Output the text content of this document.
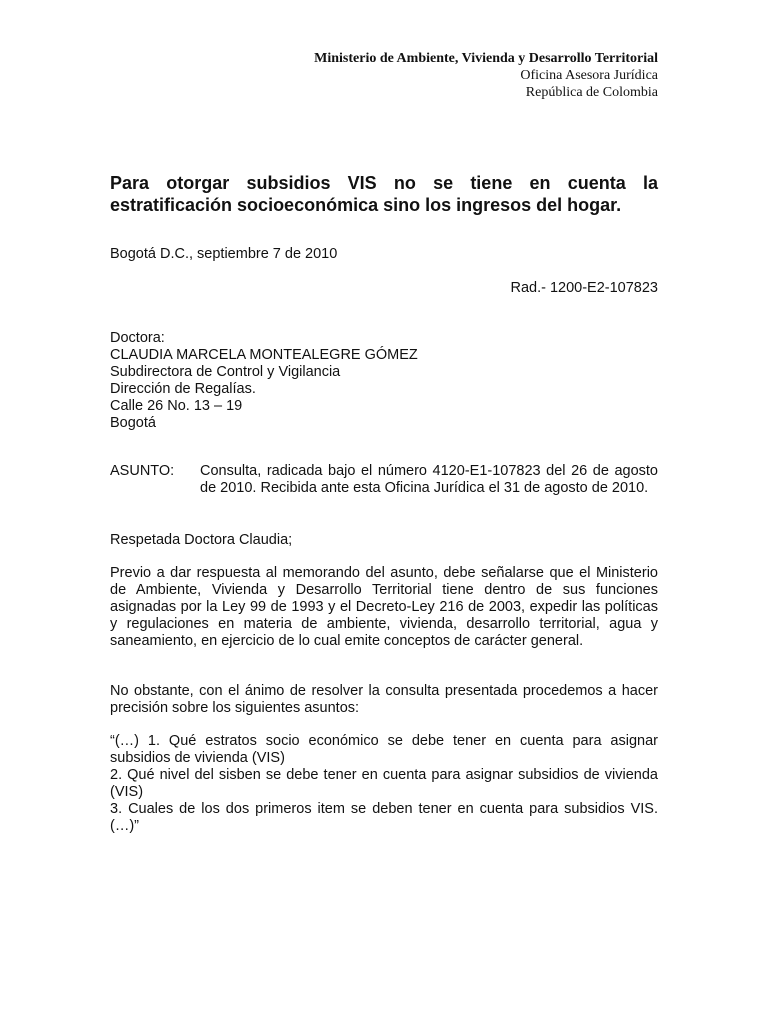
Ministerio de Ambiente, Vivienda y Desarrollo Territorial
Oficina Asesora Jurídica
República de Colombia
Para otorgar subsidios VIS no se tiene en cuenta la estratificación socioeconómica sino los ingresos del hogar.
Bogotá D.C., septiembre 7 de 2010
Rad.- 1200-E2-107823
Doctora:
CLAUDIA MARCELA MONTEALEGRE GÓMEZ
Subdirectora de Control y Vigilancia
Dirección de Regalías.
Calle 26 No. 13 – 19
Bogotá
ASUNTO:	Consulta, radicada bajo el número 4120-E1-107823 del 26 de agosto de 2010. Recibida ante esta Oficina Jurídica el 31 de agosto de 2010.
Respetada Doctora Claudia;
Previo a dar respuesta al memorando del asunto, debe señalarse que el Ministerio de Ambiente, Vivienda y Desarrollo Territorial tiene dentro de sus funciones asignadas por la Ley 99 de 1993 y el Decreto-Ley 216 de 2003, expedir las políticas y regulaciones en materia de ambiente, vivienda, desarrollo territorial, agua y saneamiento, en ejercicio de lo cual emite conceptos de carácter general.
No obstante, con el ánimo de resolver la consulta presentada procedemos a hacer precisión sobre los siguientes asuntos:
“(…) 1. Qué estratos socio económico se debe tener en cuenta para asignar subsidios de vivienda (VIS)
2. Qué nivel del sisben se debe tener en cuenta para asignar subsidios de vivienda (VIS)
3. Cuales de los dos primeros item se deben tener en cuenta para subsidios VIS. (…)”
